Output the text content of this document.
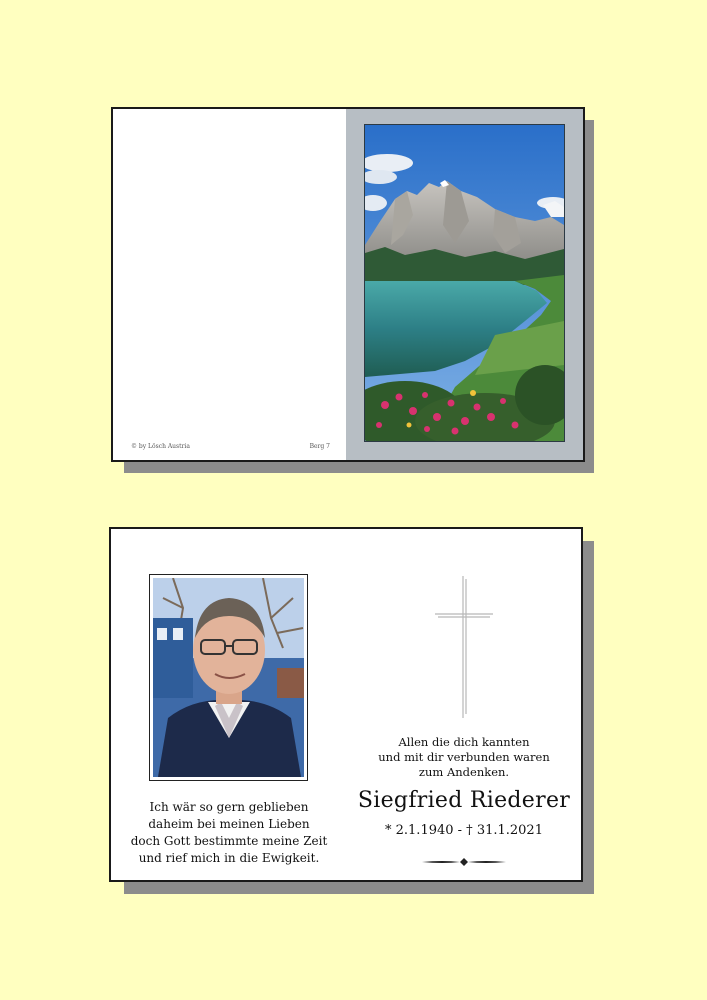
© by Lösch Austria	Berg 7
Ich wär so gern geblieben
daheim bei meinen Lieben
doch Gott bestimmte meine Zeit
und rief mich in die Ewigkeit.
Allen die dich kannten
und mit dir verbunden waren
zum Andenken.
Siegfried Riederer
* 2.1.1940 - † 31.1.2021
